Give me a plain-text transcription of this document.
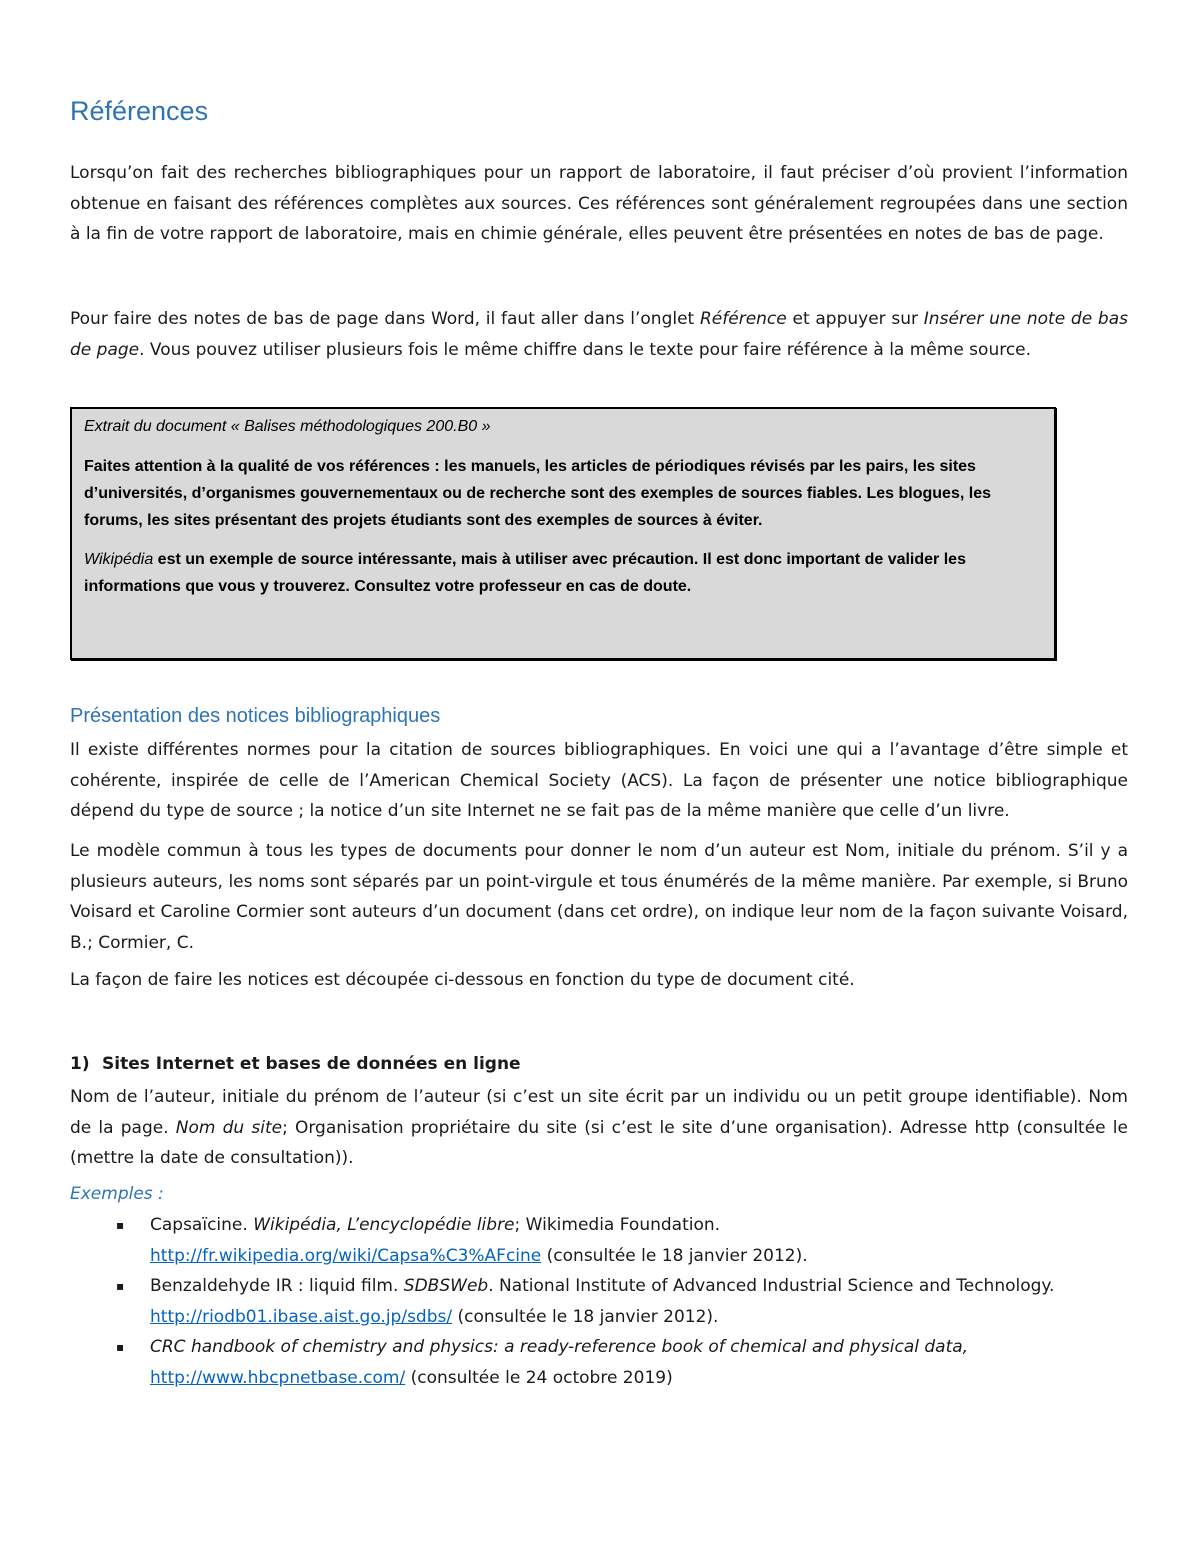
Références
Lorsqu’on fait des recherches bibliographiques pour un rapport de laboratoire, il faut préciser d’où provient l’information obtenue en faisant des références complètes aux sources. Ces références sont généralement regroupées dans une section à la fin de votre rapport de laboratoire, mais en chimie générale, elles peuvent être présentées en notes de bas de page.
Pour faire des notes de bas de page dans Word, il faut aller dans l’onglet Référence et appuyer sur Insérer une note de bas de page. Vous pouvez utiliser plusieurs fois le même chiffre dans le texte pour faire référence à la même source.
Extrait du document « Balises méthodologiques 200.B0 »
Faites attention à la qualité de vos références : les manuels, les articles de périodiques révisés par les pairs, les sites d’universités, d’organismes gouvernementaux ou de recherche sont des exemples de sources fiables. Les blogues, les forums, les sites présentant des projets étudiants sont des exemples de sources à éviter.
Wikipédia est un exemple de source intéressante, mais à utiliser avec précaution. Il est donc important de valider les informations que vous y trouverez. Consultez votre professeur en cas de doute.
Présentation des notices bibliographiques
Il existe différentes normes pour la citation de sources bibliographiques. En voici une qui a l’avantage d’être simple et cohérente, inspirée de celle de l’American Chemical Society (ACS). La façon de présenter une notice bibliographique dépend du type de source ; la notice d’un site Internet ne se fait pas de la même manière que celle d’un livre.
Le modèle commun à tous les types de documents pour donner le nom d’un auteur est Nom, initiale du prénom. S’il y a plusieurs auteurs, les noms sont séparés par un point-virgule et tous énumérés de la même manière. Par exemple, si Bruno Voisard et Caroline Cormier sont auteurs d’un document (dans cet ordre), on indique leur nom de la façon suivante Voisard, B.; Cormier, C.
La façon de faire les notices est découpée ci-dessous en fonction du type de document cité.
1) Sites Internet et bases de données en ligne
Nom de l’auteur, initiale du prénom de l’auteur (si c’est un site écrit par un individu ou un petit groupe identifiable). Nom de la page. Nom du site; Organisation propriétaire du site (si c’est le site d’une organisation). Adresse http (consultée le (mettre la date de consultation)).
Exemples :
▪ Capsaïcine. Wikipédia, L’encyclopédie libre; Wikimedia Foundation.
http://fr.wikipedia.org/wiki/Capsa%C3%AFcine (consultée le 18 janvier 2012).
▪ Benzaldehyde IR : liquid film. SDBSWeb. National Institute of Advanced Industrial Science and Technology.
http://riodb01.ibase.aist.go.jp/sdbs/ (consultée le 18 janvier 2012).
▪ CRC handbook of chemistry and physics: a ready-reference book of chemical and physical data,
http://www.hbcpnetbase.com/ (consultée le 24 octobre 2019)
